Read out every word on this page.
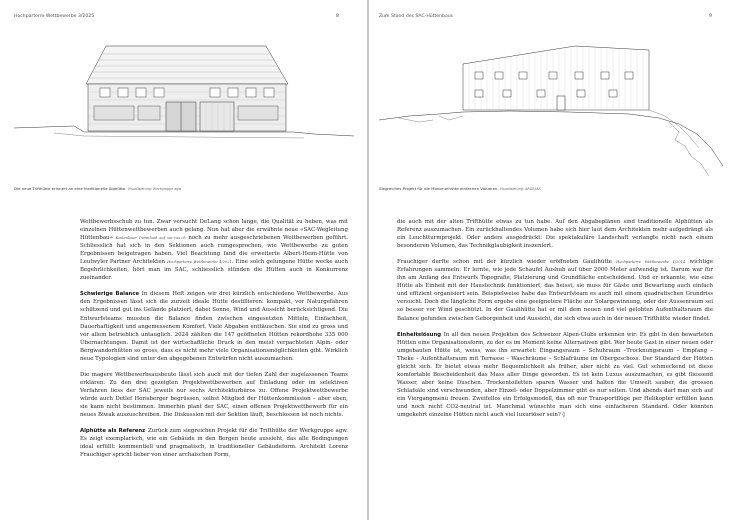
Hochparterre Wettbewerbe 3/2025	8
Die neue Trifthütte erinnert an eine traditionelle Alphütte. Visualisierung: Werkgruppe agw

Wettbewerbsschub zu tun. Zwar versucht DeLang schon lange, die Qualität zu heben, was mit einzelnen Hüttenwettbewerben auch gelang. Nun hat aber die erwähnte neue «SAC-Wegleitung Hüttenbau» Kostenloser Download auf sac-cas.ch noch zu mehr ausgeschriebenen Wettbewerben geführt. Schliesslich hat sich in den Sektionen auch rumgesprochen, wie Wettbewerbe zu guten Ergebnissen beigetragen haben. Viel Beachtung fand die erweiterte Albert-Heim-Hütte von Leutwyler Partner Architekten Hochparterre Wettbewerbe 4/2021. Eine solch gelungene Hütte wecke auch Begehrlichkeiten, hört man im SAC, schliesslich stünden die Hütten auch in Konkurrenz zueinander.

Schwierige Balance  In diesem Heft zeigen wir drei kürzlich entschiedene Wettbewerbe. Aus den Ergebnissen lässt sich die zurzeit ideale Hütte destillieren: kompakt, vor Naturgefahren schützend und gut ins Gelände platziert, dabei Sonne, Wind und Aussicht berücksichtigend. Die Entwurfsteams mussten die Balance finden zwischen eingesetzten Mitteln, Einfachheit, Dauerhaftigkeit und angemessenem Komfort. Viele Abgaben enttäuschen. Sie sind zu gross und vor allem betrieblich untauglich. 2024 zählten die 147 geöffneten Hütten rekordhohe 335 000 Übernachtungen. Damit ist der wirtschaftliche Druck in den meist verpachteten Alpin- oder Bergwandorhütten so gross, dass es nicht mehr viele Organisationsmöglichkeiten gibt. Wirklich neue Typologien sind unter den abgegebenen Entwürfen nicht auszumachen.

Die magere Wettbewerbsausbeute lässt sich auch mit der tiefen Zahl der zugelassenen Teams erklären. Zu den drei gezeigten Projektwettbewerben auf Einladung oder im selektiven Verfahren liess der SAC jeweils nur sechs Architekturbüros zu. Offene Projektwettbewerbe würde auch Detlef Horisberger begrüssen, selbst Mitglied der Hüttenkommission – aber eben, sie kann nicht bestimmen. Immerhin plant der SAC, einen offenen Projektwettbewerb für ein neues Biwak auszuschreiben. Die Diskussion mit der Sektion läuft, beschlossen ist noch nichts.

Alphütte als Referenz  Zurück zum siegreichen Projekt für die Trifthütte der Werkgruppe agw. Es zeigt exemplarisch, wie ein Gebäude in den Bergen heute aussieht, das alle Bedingungen ideal erfüllt: kommentiell und pragmatisch, in traditioneller Gebäudeform. Architekt Lorenz Frauchiger spricht lieber von einer archaischen Form,

Zum Stand des SAC-Hüttenbaus	9
Siegreiches Projekt für die Monbrunhütte einfachen Volumen. Visualisierung: ARGE/IAS

die auch mit der alten Trifthütte etwas zu tun habe. Auf den Abgabeplänen sind traditionelle Alphütten als Referenz auszumachen. Ein zurückhaltendes Volumen habe sich hier laut dem Architekten mehr aufgedrängt als ein Leuchtturmprojekt. Oder anders ausgedrückt: Die spektakuläre Landschaft verlangte nicht nach einem besonderen Volumen, das Technikglaubigkeit inszeniert.

Frauchiger durfte schon mit der kürzlich wieder eröffneten Gaulihütte Hochparterre Wettbewerbe 4/2014 wichtige Erfahrungen sammeln: Er lernte, wie jede Schaufel Aushub auf über 2000 Meter aufwendig ist. Darum war für ihn am Anfang des Entwurfs Topografie, Platzierung und Grundfläche entscheidend. Und er erkannte, wie eine Hütte als Einheit mit der Haustechnik funktioniert, das heisst, sie muss für Gäste und Bewartung auch einfach und effizient organisiert sein. Beispielweise habe das Entwurfsteam es auch mit einem quadratischen Grundriss versucht. Doch die längliche Form ergebe eine geeignetere Fläche zur Solargewinnung, oder der Aussenraum sei so besser vor Wind geschützt. In der Gaulihütte hat er mit dem neuen und viel gelobten Aufenthaltsraum die Balance gefunden zwischen Geborgenheit und Aussicht, die sich etwa auch in der neuen Trifthütte wieder findet.

Einheitslösung  In all den neuen Projekten des Schweizer Alpen-Clubs erkennen wir: Es gibt in den bewarteten Hütten eine Organisationsform, zu der es im Moment keine Alternativen gibt. Wer heute Gast in einer neuen oder umgebauten Hütte ist, weiss, was ihn erwartet: Eingangsraum – Schuhraum –Trocknungsraum – Empfang – Theke – Aufenthaltsraum mit Terrasse – Waschräume – Schlafräume im Obergeschoss. Der Standard der Hütten gleicht sich. Er bietet etwas mehr Bequemlichkeit als früher, aber nicht zu viel. Gut schmeckend ist diese komfortable Bescheidenheit das Mass aller Dinge geworden. Es ist kein Luxus auszumachen, es gibt fliessend Wasser, aber keine Duschen. Trockentoiletten sparen Wasser und halten die Umwelt sauber, die grossen Schlafsäle sind verschwunden, aber Einzel- oder Doppelzimmer gibt es nur selten. Und abends darf man sich auf ein Viergangmenu freuen. Zweifellos ein Erfolgsmodell, das oft nur Transportflüge per Helikopter erfüllen kann und noch nicht CO2-neutral ist. Manchmal wünschte man sich eine einfacheren Standard. Oder könnten umgekehrt einzelne Hütten nicht auch viel luxuriöser sein? ◊
